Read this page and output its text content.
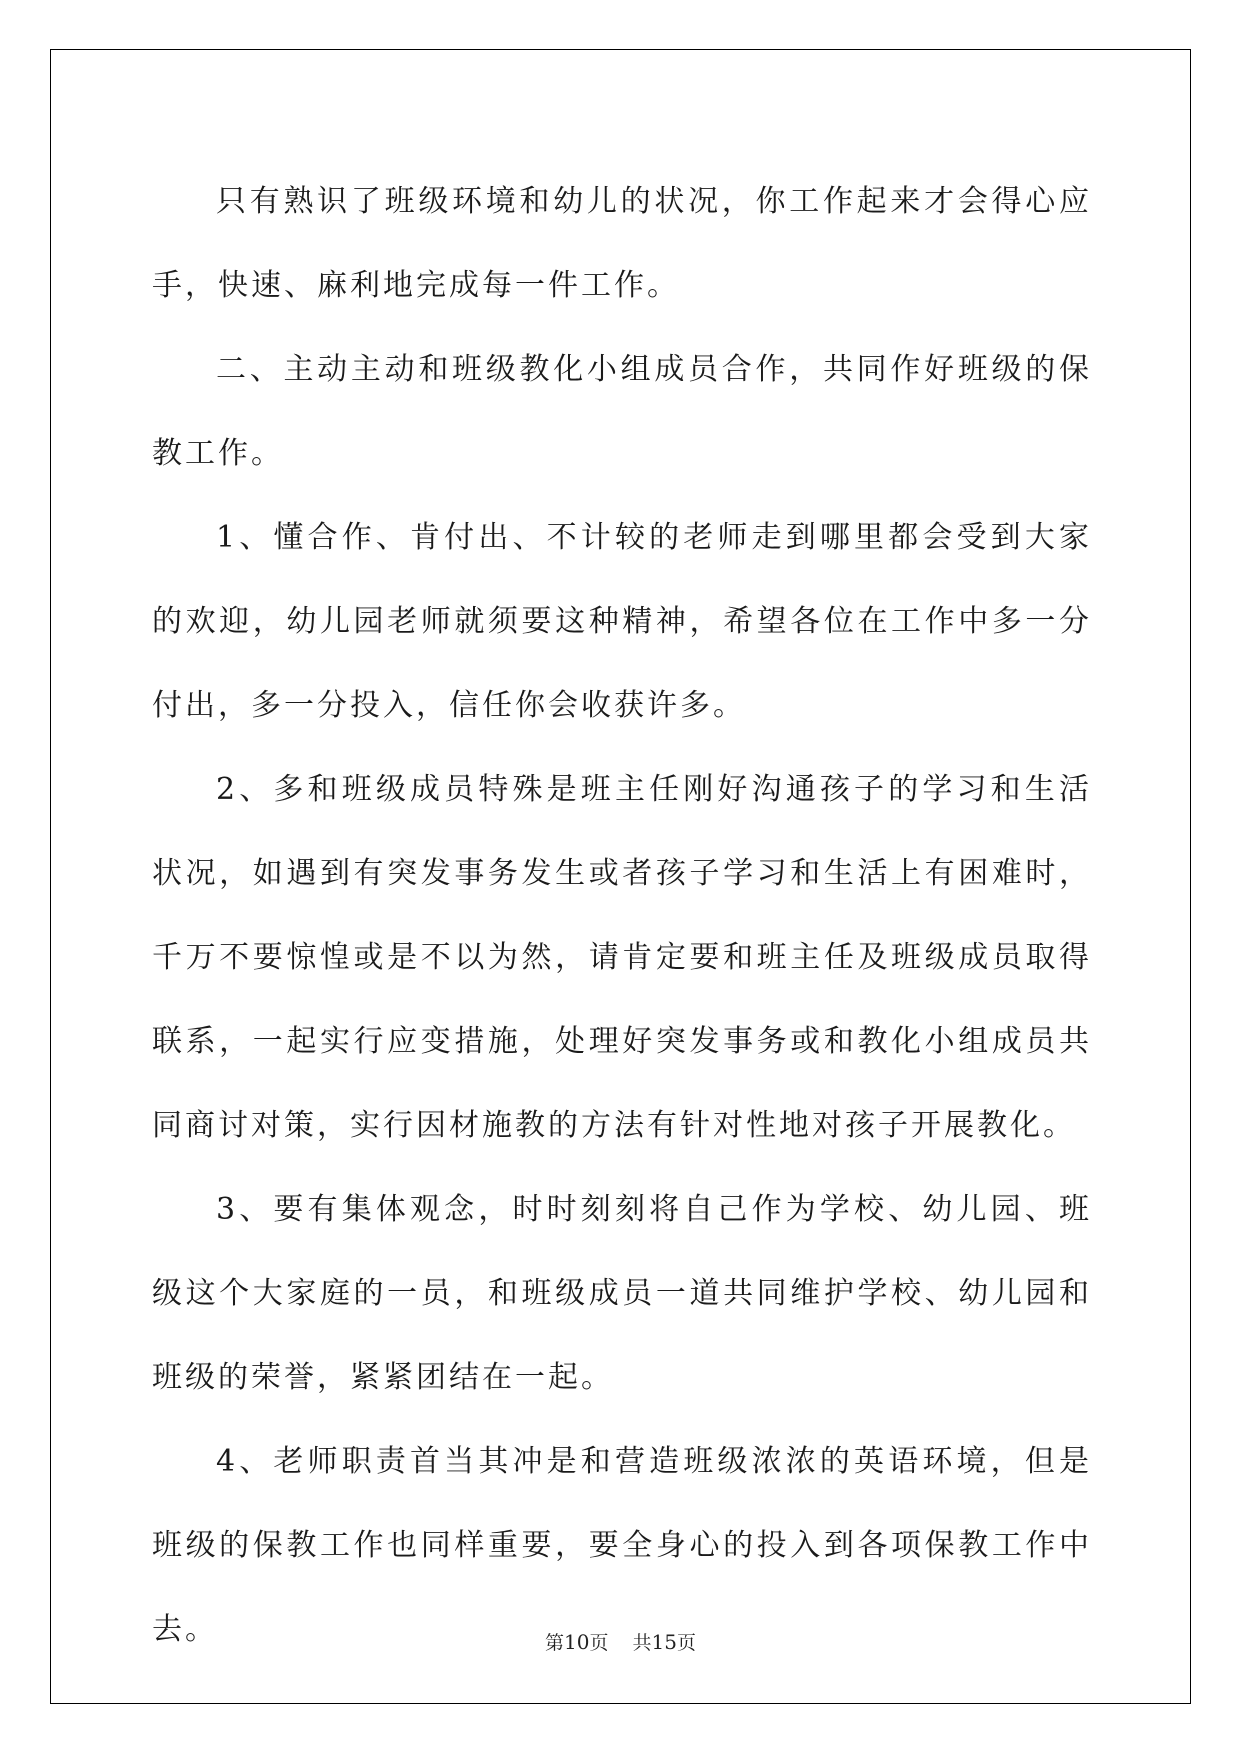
只有熟识了班级环境和幼儿的状况，你工作起来才会得心应手，快速、麻利地完成每一件工作。

二、主动主动和班级教化小组成员合作，共同作好班级的保教工作。

1、懂合作、肯付出、不计较的老师走到哪里都会受到大家的欢迎，幼儿园老师就须要这种精神，希望各位在工作中多一分付出，多一分投入，信任你会收获许多。

2、多和班级成员特殊是班主任刚好沟通孩子的学习和生活状况，如遇到有突发事务发生或者孩子学习和生活上有困难时，千万不要惊惶或是不以为然，请肯定要和班主任及班级成员取得联系，一起实行应变措施，处理好突发事务或和教化小组成员共同商讨对策，实行因材施教的方法有针对性地对孩子开展教化。

3、要有集体观念，时时刻刻将自己作为学校、幼儿园、班级这个大家庭的一员，和班级成员一道共同维护学校、幼儿园和班级的荣誉，紧紧团结在一起。

4、老师职责首当其冲是和营造班级浓浓的英语环境，但是班级的保教工作也同样重要，要全身心的投入到各项保教工作中去。	第10页 共15页
